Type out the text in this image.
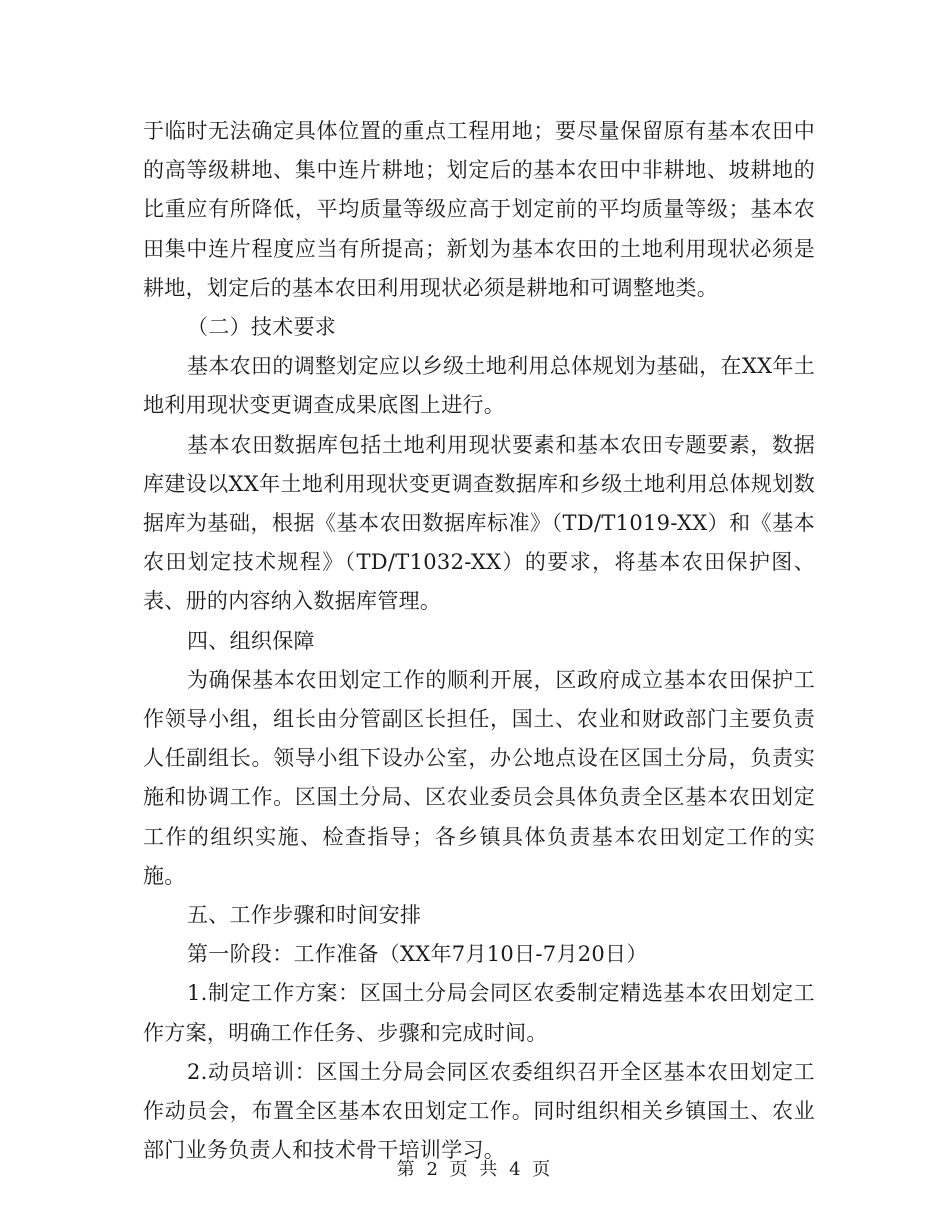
于临时无法确定具体位置的重点工程用地；要尽量保留原有基本农田中的高等级耕地、集中连片耕地；划定后的基本农田中非耕地、坡耕地的比重应有所降低，平均质量等级应高于划定前的平均质量等级；基本农田集中连片程度应当有所提高；新划为基本农田的土地利用现状必须是耕地，划定后的基本农田利用现状必须是耕地和可调整地类。

（二）技术要求

基本农田的调整划定应以乡级土地利用总体规划为基础，在XX年土地利用现状变更调查成果底图上进行。

基本农田数据库包括土地利用现状要素和基本农田专题要素，数据库建设以XX年土地利用现状变更调查数据库和乡级土地利用总体规划数据库为基础，根据《基本农田数据库标准》（TD/T1019-XX）和《基本农田划定技术规程》（TD/T1032-XX）的要求，将基本农田保护图、表、册的内容纳入数据库管理。

四、组织保障

为确保基本农田划定工作的顺利开展，区政府成立基本农田保护工作领导小组，组长由分管副区长担任，国土、农业和财政部门主要负责人任副组长。领导小组下设办公室，办公地点设在区国土分局，负责实施和协调工作。区国土分局、区农业委员会具体负责全区基本农田划定工作的组织实施、检查指导；各乡镇具体负责基本农田划定工作的实施。

五、工作步骤和时间安排

第一阶段：工作准备（XX年7月10日-7月20日）

1.制定工作方案：区国土分局会同区农委制定精选基本农田划定工作方案，明确工作任务、步骤和完成时间。

2.动员培训：区国土分局会同区农委组织召开全区基本农田划定工作动员会，布置全区基本农田划定工作。同时组织相关乡镇国土、农业部门业务负责人和技术骨干培训学习。

第 2 页 共 4 页
